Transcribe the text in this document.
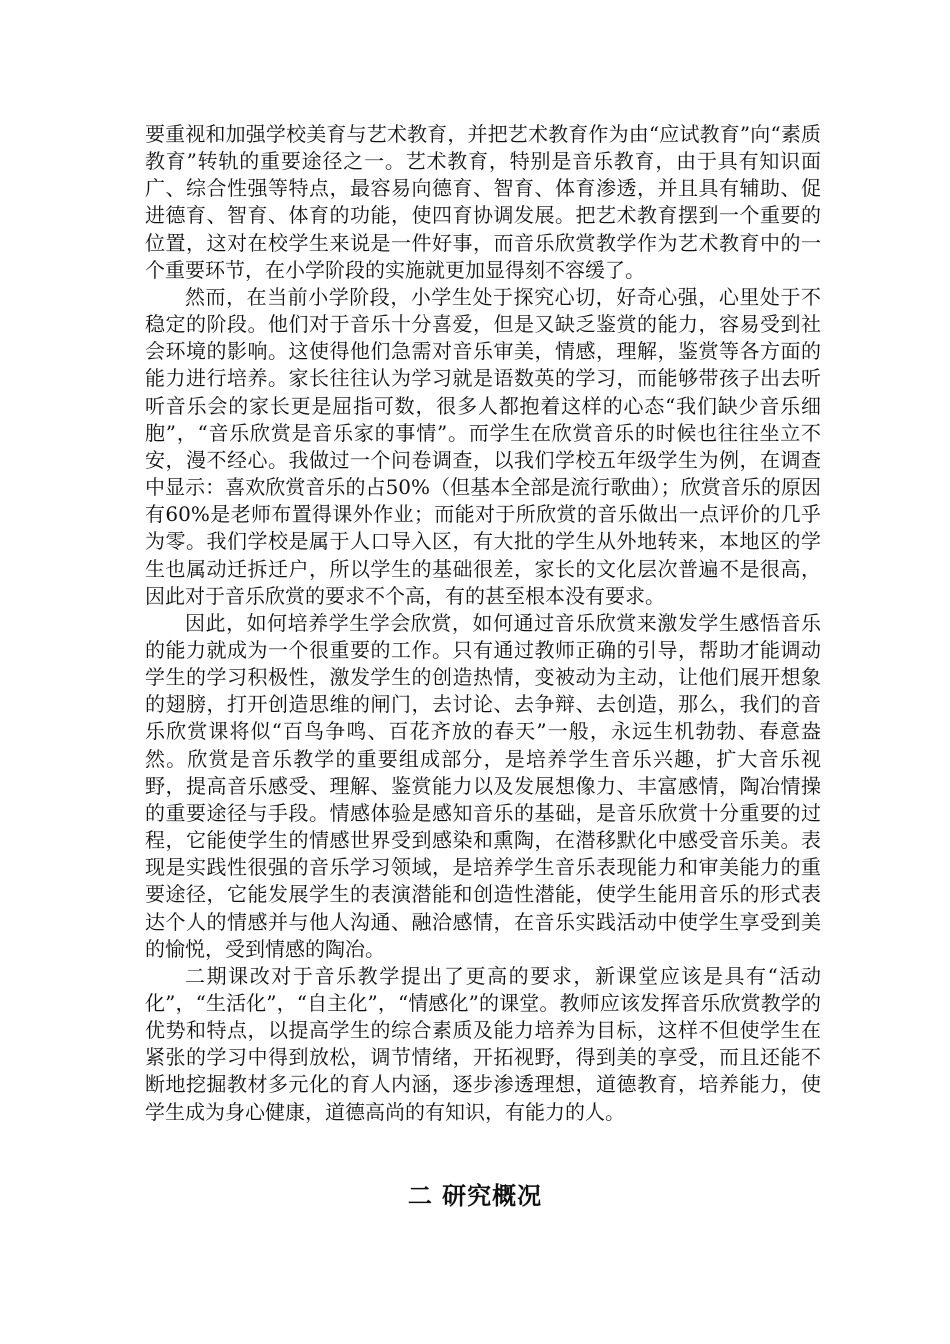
要重视和加强学校美育与艺术教育，并把艺术教育作为由“应试教育”向“素质教育”转轨的重要途径之一。艺术教育，特别是音乐教育，由于具有知识面广、综合性强等特点，最容易向德育、智育、体育渗透，并且具有辅助、促进德育、智育、体育的功能，使四育协调发展。把艺术教育摆到一个重要的位置，这对在校学生来说是一件好事，而音乐欣赏教学作为艺术教育中的一个重要环节，在小学阶段的实施就更加显得刻不容缓了。

然而，在当前小学阶段，小学生处于探究心切，好奇心强，心里处于不稳定的阶段。他们对于音乐十分喜爱，但是又缺乏鉴赏的能力，容易受到社会环境的影响。这使得他们急需对音乐审美，情感，理解，鉴赏等各方面的能力进行培养。家长往往认为学习就是语数英的学习，而能够带孩子出去听听音乐会的家长更是屈指可数，很多人都抱着这样的心态“我们缺少音乐细胞”，“音乐欣赏是音乐家的事情”。而学生在欣赏音乐的时候也往往坐立不安，漫不经心。我做过一个问卷调查，以我们学校五年级学生为例，在调查中显示：喜欢欣赏音乐的占50%（但基本全部是流行歌曲）；欣赏音乐的原因有60%是老师布置得课外作业；而能对于所欣赏的音乐做出一点评价的几乎为零。我们学校是属于人口导入区，有大批的学生从外地转来，本地区的学生也属动迁拆迁户，所以学生的基础很差，家长的文化层次普遍不是很高，因此对于音乐欣赏的要求不个高，有的甚至根本没有要求。

因此，如何培养学生学会欣赏，如何通过音乐欣赏来激发学生感悟音乐的能力就成为一个很重要的工作。只有通过教师正确的引导，帮助才能调动学生的学习积极性，激发学生的创造热情，变被动为主动，让他们展开想象的翅膀，打开创造思维的闸门，去讨论、去争辩、去创造，那么，我们的音乐欣赏课将似“百鸟争鸣、百花齐放的春天”一般，永远生机勃勃、春意盎然。欣赏是音乐教学的重要组成部分，是培养学生音乐兴趣，扩大音乐视野，提高音乐感受、理解、鉴赏能力以及发展想像力、丰富感情，陶冶情操的重要途径与手段。情感体验是感知音乐的基础，是音乐欣赏十分重要的过程，它能使学生的情感世界受到感染和熏陶，在潜移默化中感受音乐美。表现是实践性很强的音乐学习领域，是培养学生音乐表现能力和审美能力的重要途径，它能发展学生的表演潜能和创造性潜能，使学生能用音乐的形式表达个人的情感并与他人沟通、融洽感情，在音乐实践活动中使学生享受到美的愉悦，受到情感的陶冶。

二期课改对于音乐教学提出了更高的要求，新课堂应该是具有“活动化”，“生活化”，“自主化”，“情感化”的课堂。教师应该发挥音乐欣赏教学的优势和特点，以提高学生的综合素质及能力培养为目标，这样不但使学生在紧张的学习中得到放松，调节情绪，开拓视野，得到美的享受，而且还能不断地挖掘教材多元化的育人内涵，逐步渗透理想，道德教育，培养能力，使学生成为身心健康，道德高尚的有知识，有能力的人。

二 研究概况
